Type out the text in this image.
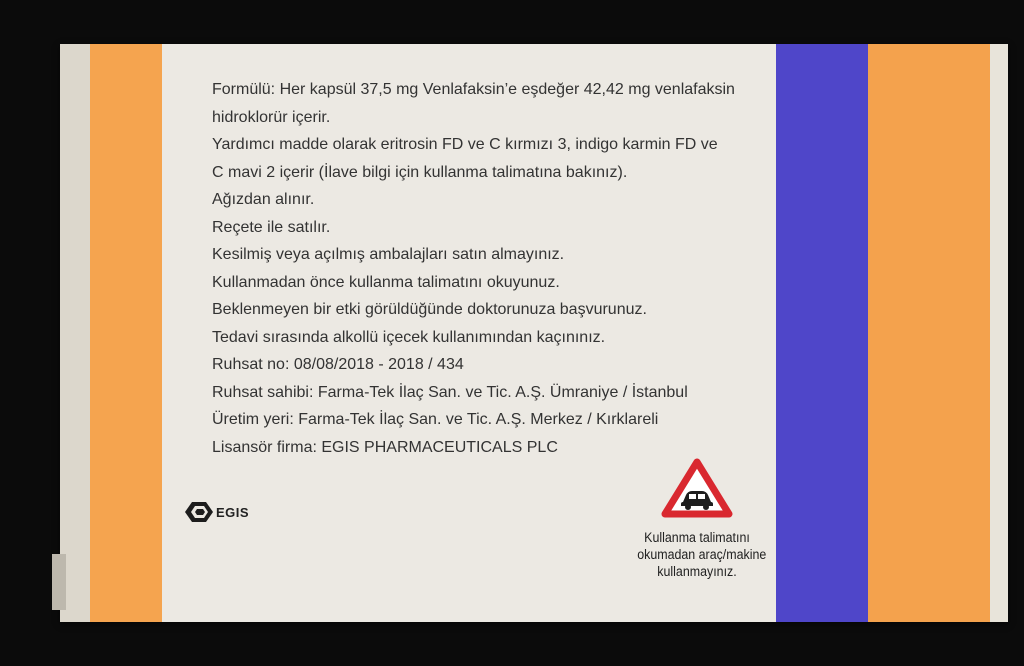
Formülü: Her kapsül 37,5 mg Venlafaksin’e eşdeğer 42,42 mg venlafaksin
hidroklorür içerir.
Yardımcı madde olarak eritrosin FD ve C kırmızı 3, indigo karmin FD ve
C mavi 2 içerir (İlave bilgi için kullanma talimatına bakınız).
Ağızdan alınır.
Reçete ile satılır.
Kesilmiş veya açılmış ambalajları satın almayınız.
Kullanmadan önce kullanma talimatını okuyunuz.
Beklenmeyen bir etki görüldüğünde doktorunuza başvurunuz.
Tedavi sırasında alkollü içecek kullanımından kaçınınız.
Ruhsat no: 08/08/2018 - 2018 / 434
Ruhsat sahibi: Farma-Tek İlaç San. ve Tic. A.Ş. Ümraniye / İstanbul
Üretim yeri: Farma-Tek İlaç San. ve Tic. A.Ş. Merkez / Kırklareli
Lisansör firma: EGIS PHARMACEUTICALS PLC
EGIS
Kullanma talimatını
okumadan araç/makine
kullanmayınız.
